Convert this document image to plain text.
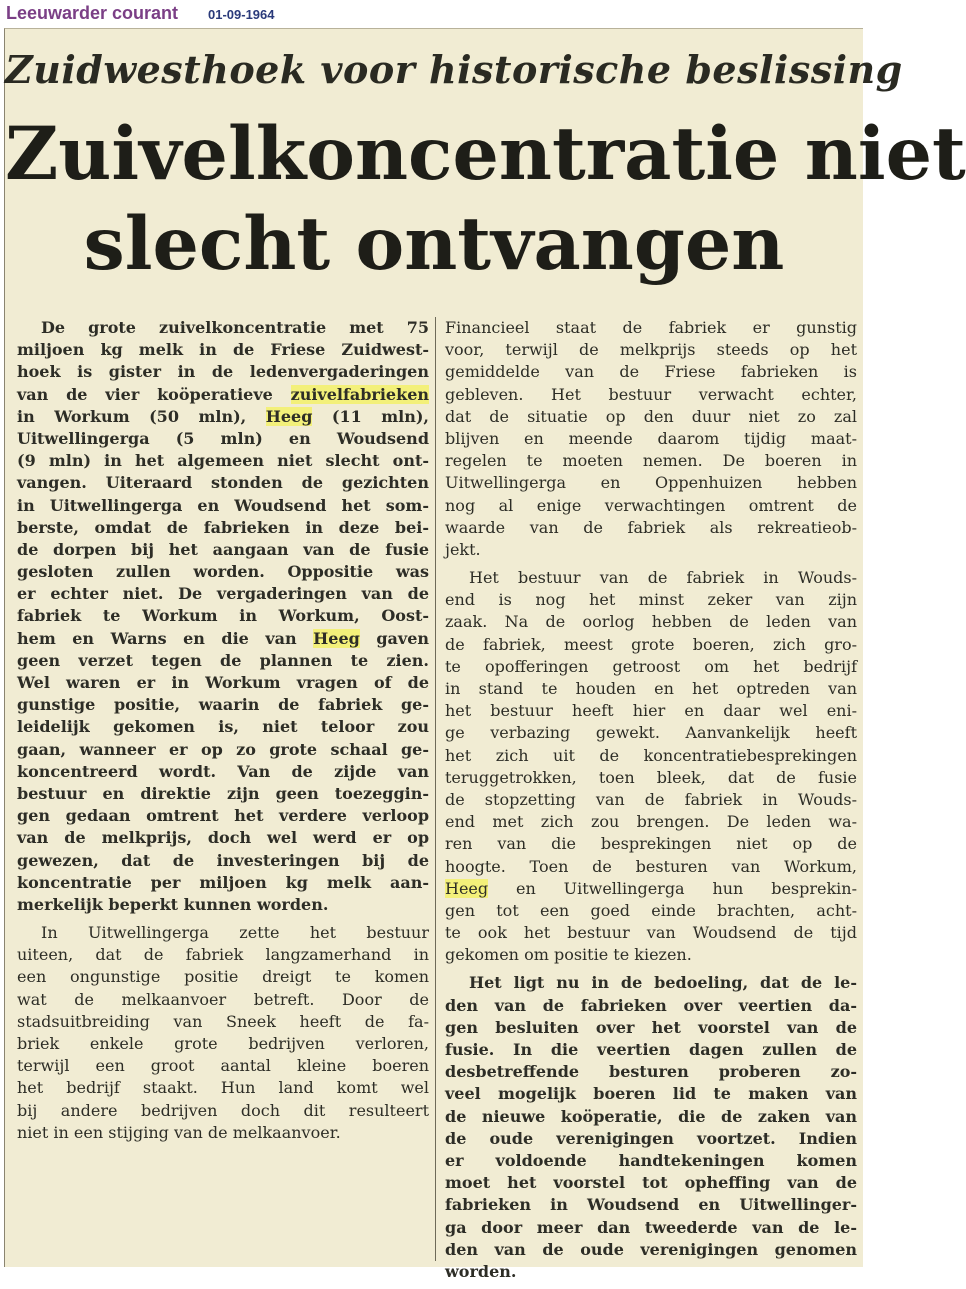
Leeuwarder courant 01-09-1964
Zuidwesthoek voor historische beslissing
Zuivelkoncentratie niet
slecht ontvangen

De grote zuivelkoncentratie met 75
miljoen kg melk in de Friese Zuidwest-
hoek is gister in de ledenvergaderingen
van de vier koöperatieve zuivelfabrieken
in Workum (50 mln), Heeg (11 mln),
Uitwellingerga (5 mln) en Woudsend
(9 mln) in het algemeen niet slecht ont-
vangen. Uiteraard stonden de gezichten
in Uitwellingerga en Woudsend het som-
berste, omdat de fabrieken in deze bei-
de dorpen bij het aangaan van de fusie
gesloten zullen worden. Oppositie was
er echter niet. De vergaderingen van de
fabriek te Workum in Workum, Oost-
hem en Warns en die van Heeg gaven
geen verzet tegen de plannen te zien.
Wel waren er in Workum vragen of de
gunstige positie, waarin de fabriek ge-
leidelijk gekomen is, niet teloor zou
gaan, wanneer er op zo grote schaal ge-
koncentreerd wordt. Van de zijde van
bestuur en direktie zijn geen toezeggin-
gen gedaan omtrent het verdere verloop
van de melkprijs, doch wel werd er op
gewezen, dat de investeringen bij de
koncentratie per miljoen kg melk aan-
merkelijk beperkt kunnen worden.

In Uitwellingerga zette het bestuur
uiteen, dat de fabriek langzamerhand in
een ongunstige positie dreigt te komen
wat de melkaanvoer betreft. Door de
stadsuitbreiding van Sneek heeft de fa-
briek enkele grote bedrijven verloren,
terwijl een groot aantal kleine boeren
het bedrijf staakt. Hun land komt wel
bij andere bedrijven doch dit resulteert
niet in een stijging van de melkaanvoer.

Financieel staat de fabriek er gunstig
voor, terwijl de melkprijs steeds op het
gemiddelde van de Friese fabrieken is
gebleven. Het bestuur verwacht echter,
dat de situatie op den duur niet zo zal
blijven en meende daarom tijdig maat-
regelen te moeten nemen. De boeren in
Uitwellingerga en Oppenhuizen hebben
nog al enige verwachtingen omtrent de
waarde van de fabriek als rekreatieob-
jekt.

Het bestuur van de fabriek in Wouds-
end is nog het minst zeker van zijn
zaak. Na de oorlog hebben de leden van
de fabriek, meest grote boeren, zich gro-
te opofferingen getroost om het bedrijf
in stand te houden en het optreden van
het bestuur heeft hier en daar wel eni-
ge verbazing gewekt. Aanvankelijk heeft
het zich uit de koncentratiebesprekingen
teruggetrokken, toen bleek, dat de fusie
de stopzetting van de fabriek in Wouds-
end met zich zou brengen. De leden wa-
ren van die besprekingen niet op de
hoogte. Toen de besturen van Workum,
Heeg en Uitwellingerga hun besprekin-
gen tot een goed einde brachten, acht-
te ook het bestuur van Woudsend de tijd
gekomen om positie te kiezen.

Het ligt nu in de bedoeling, dat de le-
den van de fabrieken over veertien da-
gen besluiten over het voorstel van de
fusie. In die veertien dagen zullen de
desbetreffende besturen proberen zo-
veel mogelijk boeren lid te maken van
de nieuwe koöperatie, die de zaken van
de oude verenigingen voortzet. Indien
er voldoende handtekeningen komen
moet het voorstel tot opheffing van de
fabrieken in Woudsend en Uitwellinger-
ga door meer dan tweederde van de le-
den van de oude verenigingen genomen
worden.
